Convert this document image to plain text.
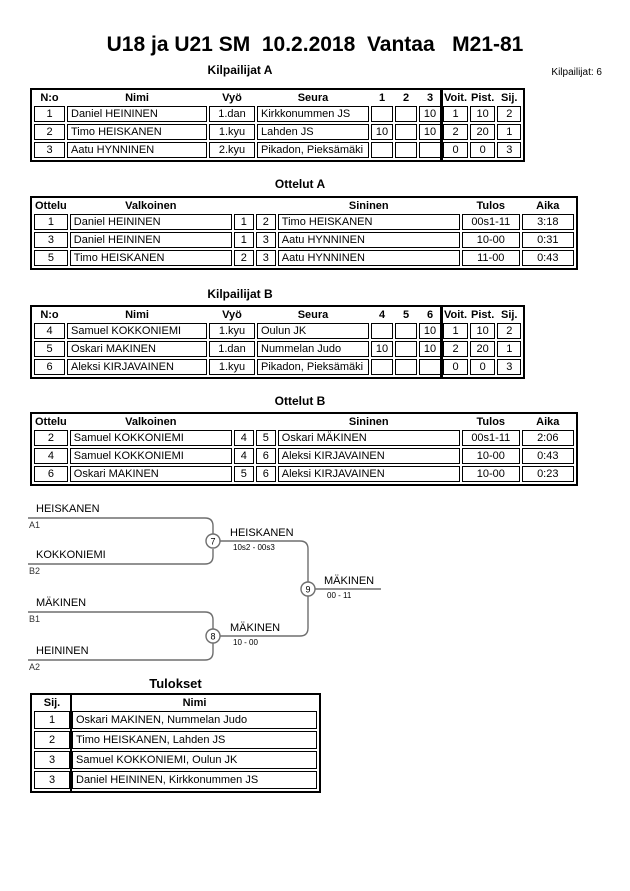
U18 ja U21 SM  10.2.2018  Vantaa   M21-81
Kilpailijat A	Kilpailijat: 6
N:o	Nimi	Vyö	Seura	1	2	3	Voit.	Pist.	Sij.
1	Daniel HEININEN	1.dan	Kirkkonummen JS			10	1	10	2
2	Timo HEISKANEN	1.kyu	Lahden JS	10		10	2	20	1
3	Aatu HYNNINEN	2.kyu	Pikadon, Pieksämäki				0	0	3
Ottelut A
Ottelu	Valkoinen			Sininen	Tulos	Aika
1	Daniel HEININEN	1	2	Timo HEISKANEN	00s1-11	3:18
3	Daniel HEININEN	1	3	Aatu HYNNINEN	10-00	0:31
5	Timo HEISKANEN	2	3	Aatu HYNNINEN	11-00	0:43
Kilpailijat B
N:o	Nimi	Vyö	Seura	4	5	6	Voit.	Pist.	Sij.
4	Samuel KOKKONIEMI	1.kyu	Oulun JK			10	1	10	2
5	Oskari MAKINEN	1.dan	Nummelan Judo	10		10	2	20	1
6	Aleksi KIRJAVAINEN	1.kyu	Pikadon, Pieksämäki				0	0	3
Ottelut B
Ottelu	Valkoinen			Sininen	Tulos	Aika
2	Samuel KOKKONIEMI	4	5	Oskari MÄKINEN	00s1-11	2:06
4	Samuel KOKKONIEMI	4	6	Aleksi KIRJAVAINEN	10-00	0:43
6	Oskari MAKINEN	5	6	Aleksi KIRJAVAINEN	10-00	0:23
7
8
9
HEISKANEN
A1
KOKKONIEMI
B2
MÄKINEN
B1
HEININEN
A2
HEISKANEN
10s2 - 00s3
MÄKINEN
10 - 00
MÄKINEN
00 - 11
Tulokset
Sij.	Nimi
1	Oskari MAKINEN, Nummelan Judo
2	Timo HEISKANEN, Lahden JS
3	Samuel KOKKONIEMI, Oulun JK
3	Daniel HEININEN, Kirkkonummen JS
